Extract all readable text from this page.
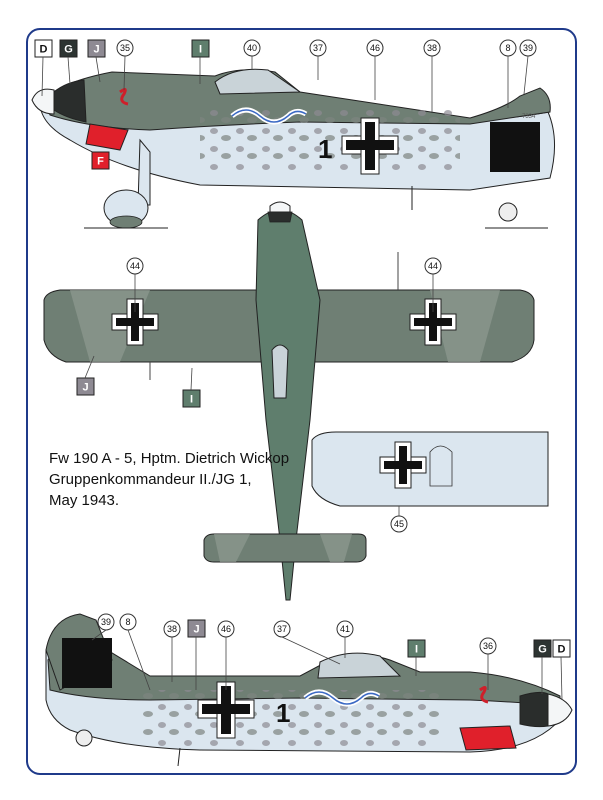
1
7334
D G J	I
F
35	40	37	46	38	8 39
J
I
44	44
45
1
J
I	G D
39 8
38	46	37	41
36
Fw 190 A - 5, Hptm. Dietrich Wickop
Gruppenkommandeur II./JG 1,
May 1943.
